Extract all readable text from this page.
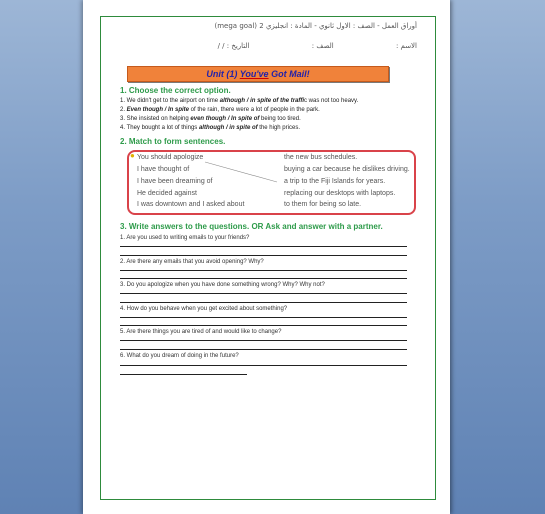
أوراق العمل - الصف : الاول ثانوي - المادة : انجليزي 2 (mega goal)
الاسم : الصف : التاريخ : / /
Unit (1) You've Got Mail!
1. Choose the correct option.
1. We didn't get to the airport on time although / in spite of the traffic was not too heavy.
2. Even though / In spite of the rain, there were a lot of people in the park.
3. She insisted on helping even though / In spite of being too tired.
4. They bought a lot of things although / in spite of the high prices.
2. Match to form sentences.
● You should apologize
I have thought of
I have been dreaming of
He decided against
I was downtown and I asked about
the new bus schedules.
buying a car because he dislikes driving.
a trip to the Fiji Islands for years.
replacing our desktops with laptops.
to them for being so late.
3. Write answers to the questions. OR Ask and answer with a partner.
1. Are you used to writing emails to your friends?
2. Are there any emails that you avoid opening? Why?
3. Do you apologize when you have done something wrong? Why? Why not?
4. How do you behave when you get excited about something?
5. Are there things you are tired of and would like to change?
6. What do you dream of doing in the future?
